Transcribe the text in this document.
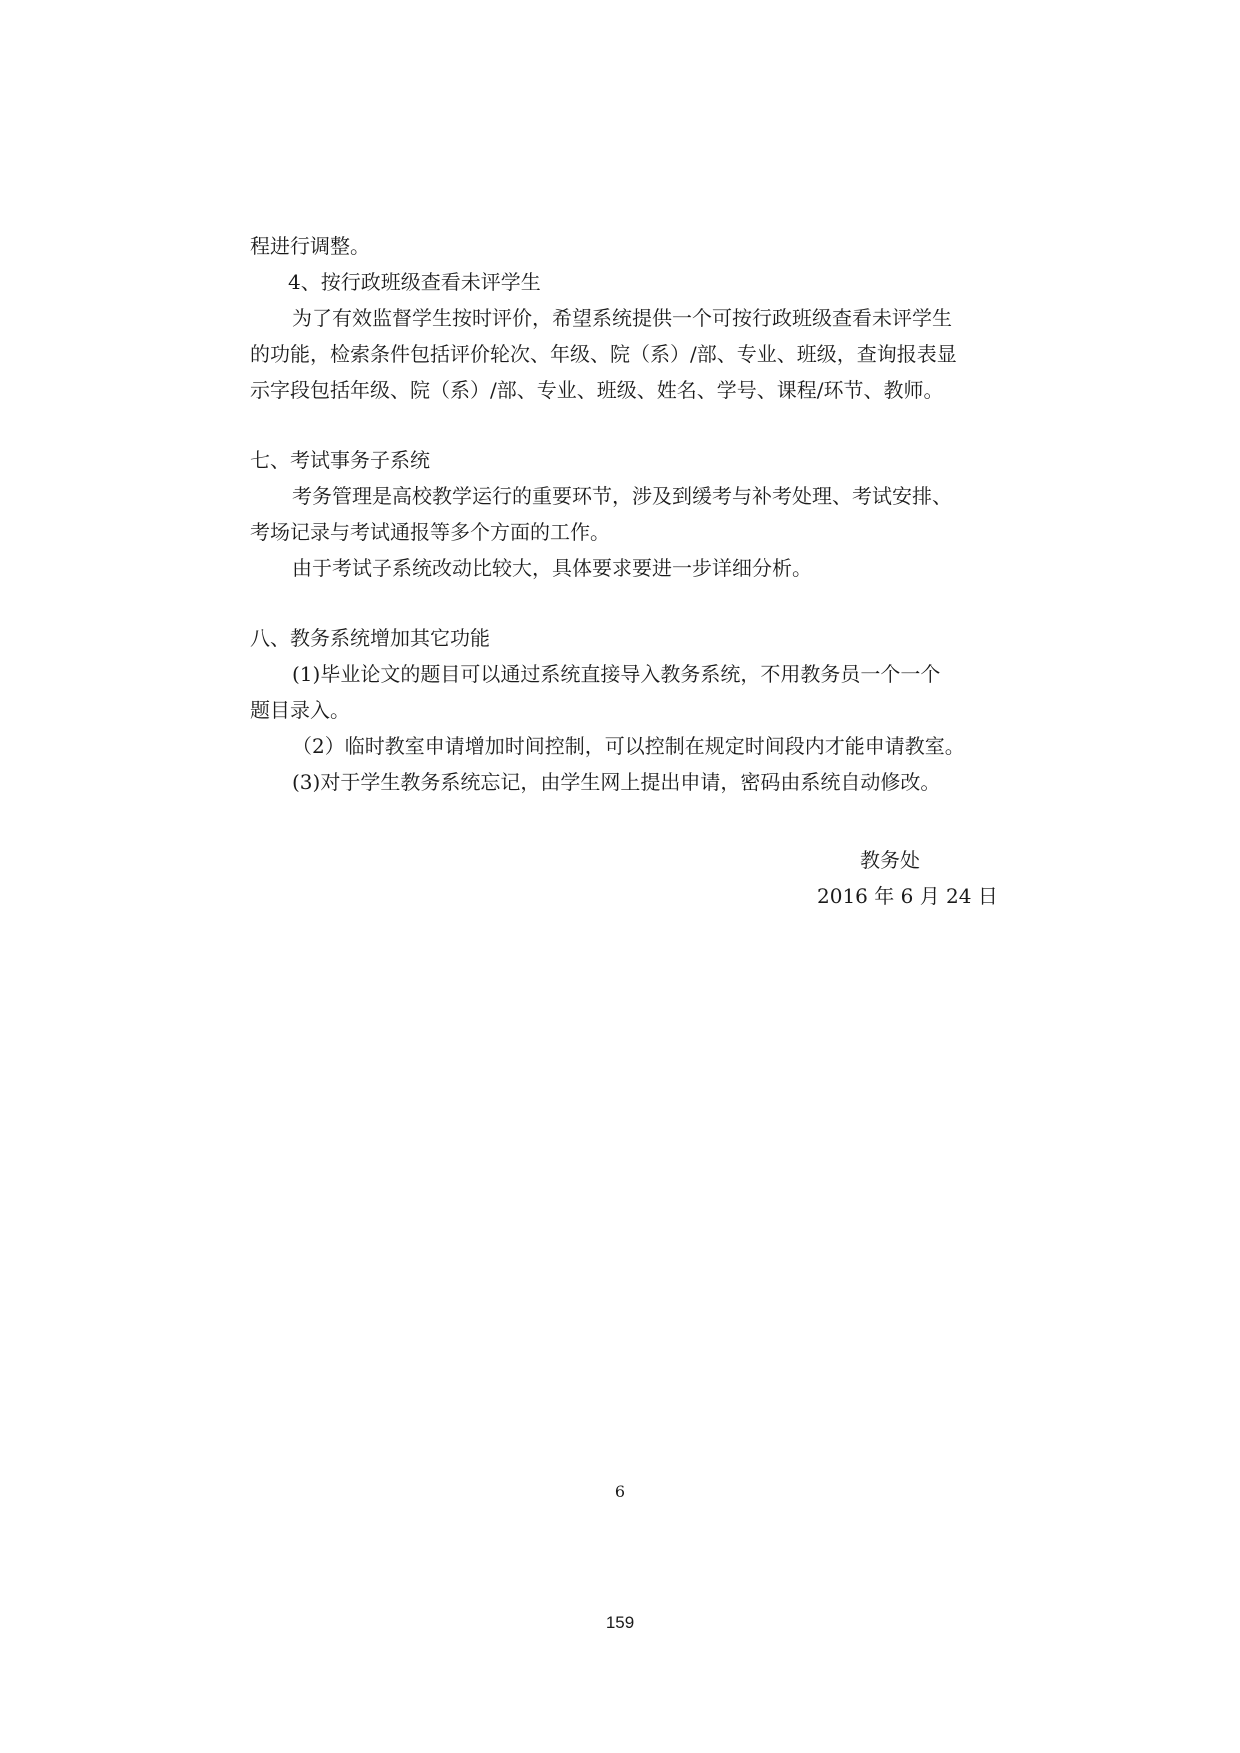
程进行调整。

4、按行政班级查看未评学生

为了有效监督学生按时评价，希望系统提供一个可按行政班级查看未评学生

的功能，检索条件包括评价轮次、年级、院（系）/部、专业、班级，查询报表显

示字段包括年级、院（系）/部、专业、班级、姓名、学号、课程/环节、教师。

七、考试事务子系统

考务管理是高校教学运行的重要环节，涉及到缓考与补考处理、考试安排、

考场记录与考试通报等多个方面的工作。

由于考试子系统改动比较大，具体要求要进一步详细分析。

八、教务系统增加其它功能

(1)毕业论文的题目可以通过系统直接导入教务系统，不用教务员一个一个

题目录入。

（2）临时教室申请增加时间控制，可以控制在规定时间段内才能申请教室。

(3)对于学生教务系统忘记，由学生网上提出申请，密码由系统自动修改。

教务处
2016 年 6 月 24 日
6
159
